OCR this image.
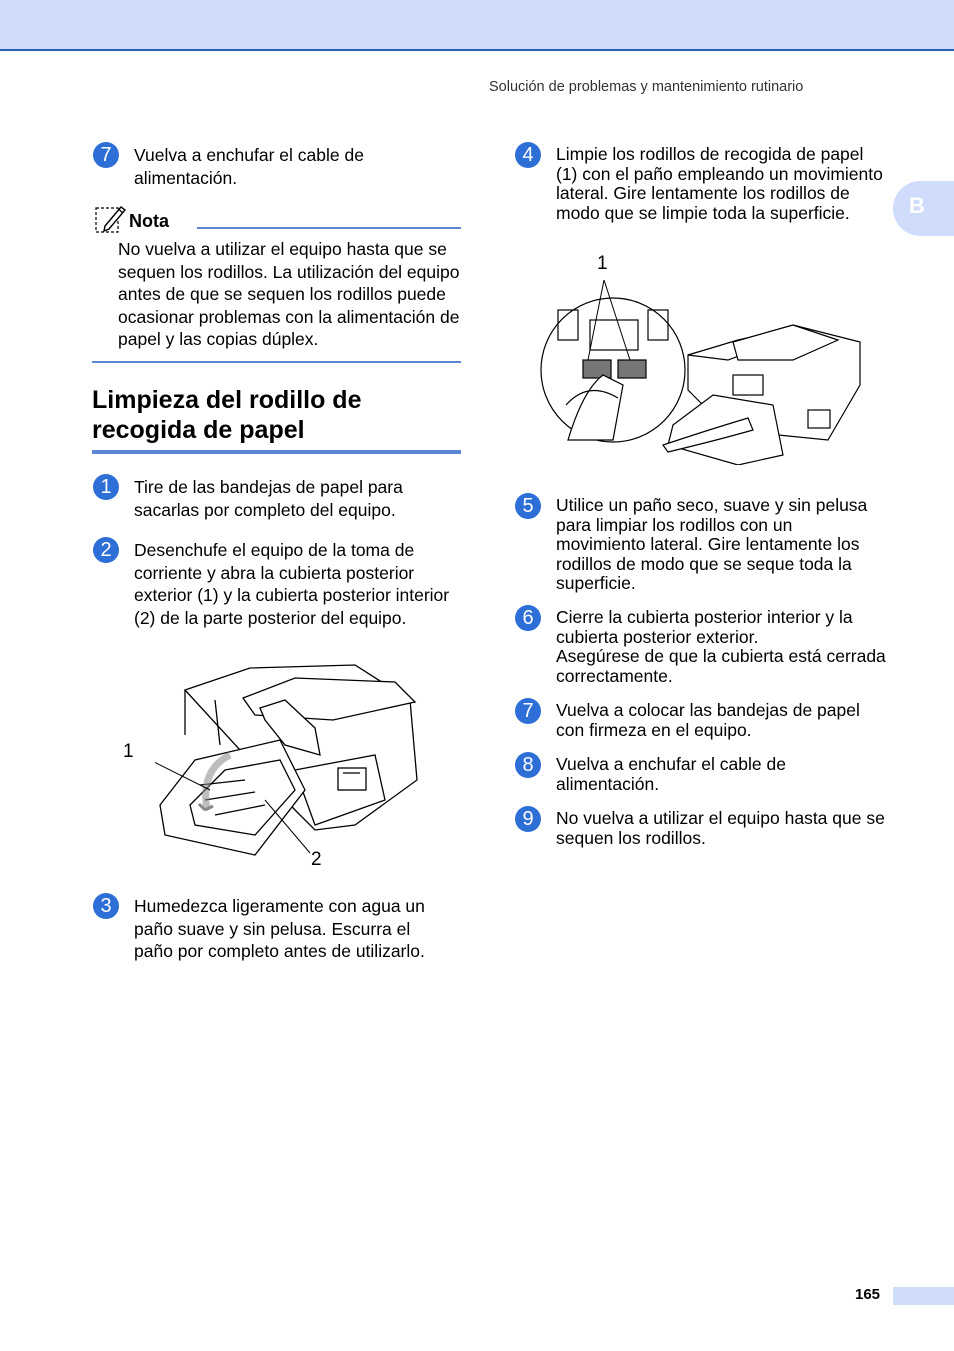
Solución de problemas y mantenimiento rutinario
B
7	Vuelva a enchufar el cable de alimentación.
Nota
No vuelva a utilizar el equipo hasta que se sequen los rodillos. La utilización del equipo antes de que se sequen los rodillos puede ocasionar problemas con la alimentación de papel y las copias dúplex.
Limpieza del rodillo de recogida de papel
1	Tire de las bandejas de papel para sacarlas por completo del equipo.
2	Desenchufe el equipo de la toma de corriente y abra la cubierta posterior exterior (1) y la cubierta posterior interior (2) de la parte posterior del equipo.
1
2
3	Humedezca ligeramente con agua un paño suave y sin pelusa. Escurra el paño por completo antes de utilizarlo.
4	Limpie los rodillos de recogida de papel (1) con el paño empleando un movimiento lateral. Gire lentamente los rodillos de modo que se limpie toda la superficie.
1
5	Utilice un paño seco, suave y sin pelusa para limpiar los rodillos con un movimiento lateral. Gire lentamente los rodillos de modo que se seque toda la superficie.
6	Cierre la cubierta posterior interior y la cubierta posterior exterior.
Asegúrese de que la cubierta está cerrada correctamente.
7	Vuelva a colocar las bandejas de papel con firmeza en el equipo.
8	Vuelva a enchufar el cable de alimentación.
9	No vuelva a utilizar el equipo hasta que se sequen los rodillos.
165
